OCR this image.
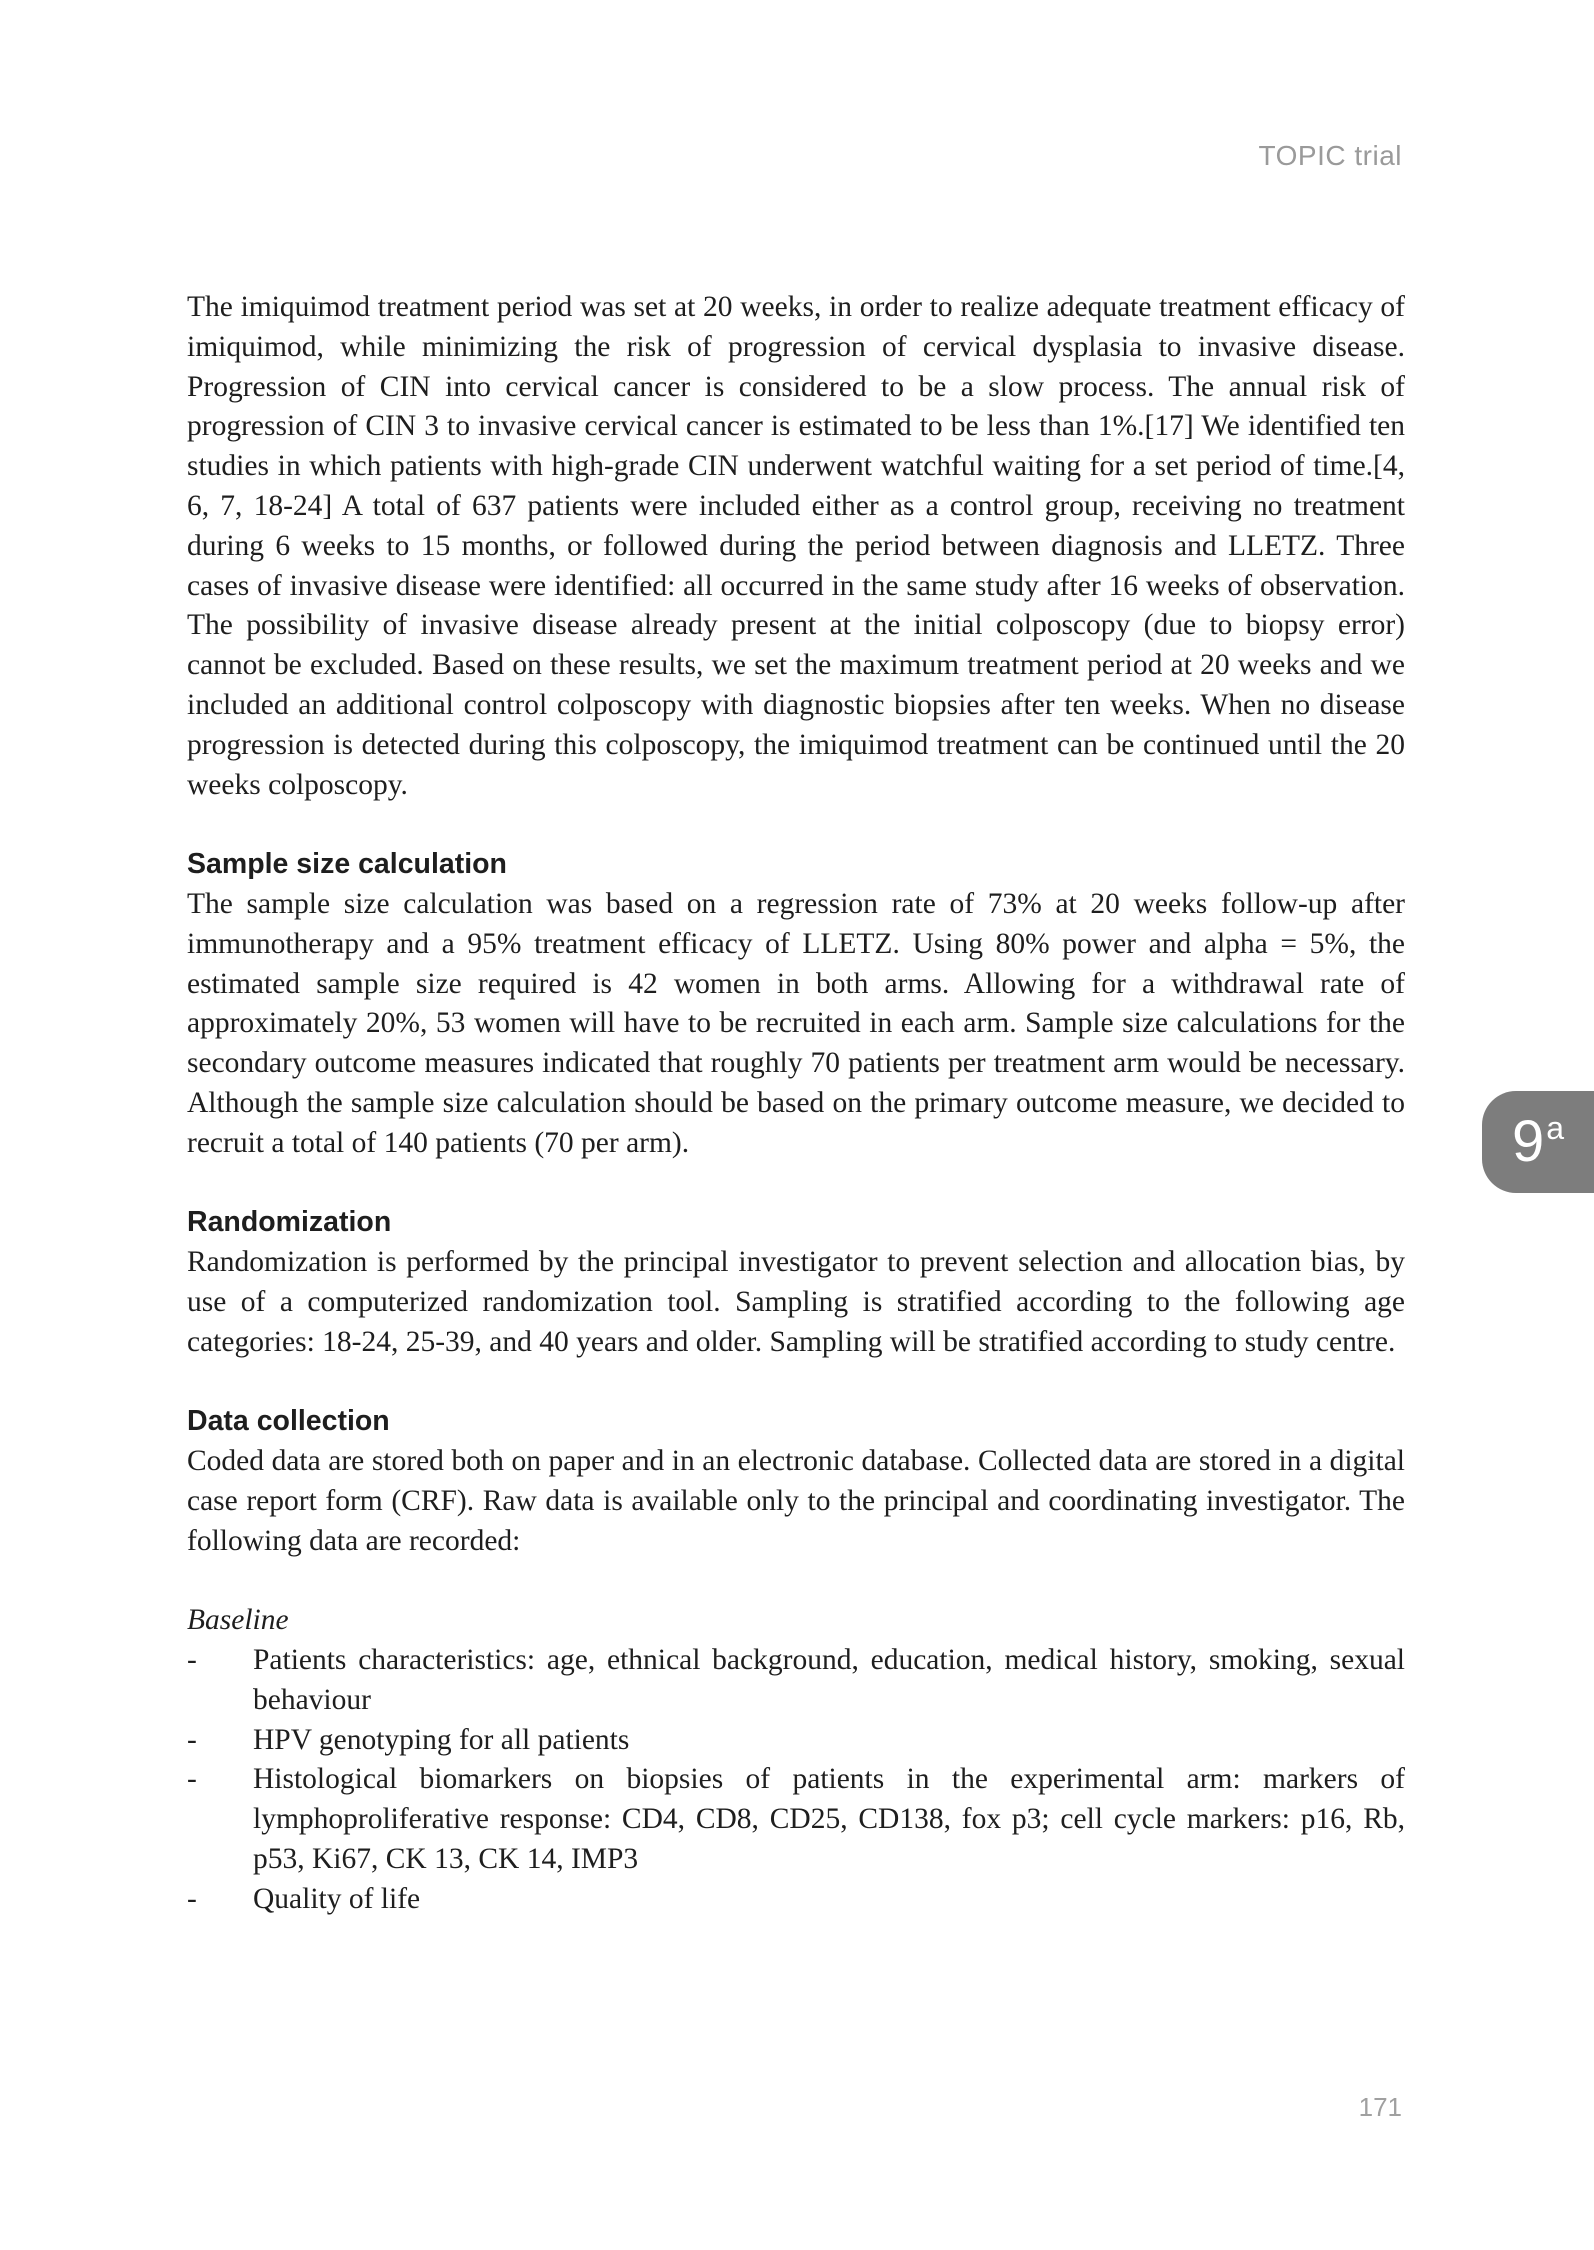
TOPIC trial

The imiquimod treatment period was set at 20 weeks, in order to realize adequate treatment efficacy of imiquimod, while minimizing the risk of progression of cervical dysplasia to invasive disease. Progression of CIN into cervical cancer is considered to be a slow process. The annual risk of progression of CIN 3 to invasive cervical cancer is estimated to be less than 1%.[17] We identified ten studies in which patients with high-grade CIN underwent watchful waiting for a set period of time.[4, 6, 7, 18-24] A total of 637 patients were included either as a control group, receiving no treatment during 6 weeks to 15 months, or followed during the period between diagnosis and LLETZ. Three cases of invasive disease were identified: all occurred in the same study after 16 weeks of observation. The possibility of invasive disease already present at the initial colposcopy (due to biopsy error) cannot be excluded. Based on these results, we set the maximum treatment period at 20 weeks and we included an additional control colposcopy with diagnostic biopsies after ten weeks. When no disease progression is detected during this colposcopy, the imiquimod treatment can be continued until the 20 weeks colposcopy.

Sample size calculation

The sample size calculation was based on a regression rate of 73% at 20 weeks follow-up after immunotherapy and a 95% treatment efficacy of LLETZ. Using 80% power and alpha = 5%, the estimated sample size required is 42 women in both arms. Allowing for a withdrawal rate of approximately 20%, 53 women will have to be recruited in each arm. Sample size calculations for the secondary outcome measures indicated that roughly 70 patients per treatment arm would be necessary. Although the sample size calculation should be based on the primary outcome measure, we decided to recruit a total of 140 patients (70 per arm).

Randomization

Randomization is performed by the principal investigator to prevent selection and allocation bias, by use of a computerized randomization tool. Sampling is stratified according to the following age categories: 18-24, 25-39, and 40 years and older. Sampling will be stratified according to study centre.

Data collection

Coded data are stored both on paper and in an electronic database. Collected data are stored in a digital case report form (CRF). Raw data is available only to the principal and coordinating investigator. The following data are recorded:

Baseline
- Patients characteristics: age, ethnical background, education, medical history, smoking, sexual behaviour
- HPV genotyping for all patients
- Histological biomarkers on biopsies of patients in the experimental arm: markers of lymphoproliferative response: CD4, CD8, CD25, CD138, fox p3; cell cycle markers: p16, Rb, p53, Ki67, CK 13, CK 14, IMP3
- Quality of life
9 a
171
